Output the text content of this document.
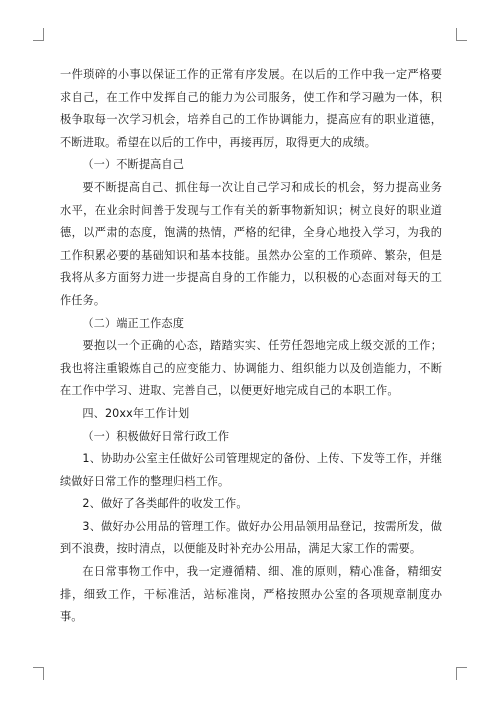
一件琐碎的小事以保证工作的正常有序发展。在以后的工作中我一定严格要求自己，在工作中发挥自己的能力为公司服务，使工作和学习融为一体，积极争取每一次学习机会，培养自己的工作协调能力，提高应有的职业道德，不断进取。希望在以后的工作中，再接再厉，取得更大的成绩。

（一）不断提高自己

要不断提高自己、抓住每一次让自己学习和成长的机会，努力提高业务水平，在业余时间善于发现与工作有关的新事物新知识；树立良好的职业道德，以严肃的态度，饱满的热情，严格的纪律，全身心地投入学习，为我的工作积累必要的基础知识和基本技能。虽然办公室的工作琐碎、繁杂，但是我将从多方面努力进一步提高自身的工作能力，以积极的心态面对每天的工作任务。

（二）端正工作态度

要抱以一个正确的心态，踏踏实实、任劳任怨地完成上级交派的工作；我也将注重锻炼自己的应变能力、协调能力、组织能力以及创造能力，不断在工作中学习、进取、完善自己，以便更好地完成自己的本职工作。

四、20xx年工作计划

（一）积极做好日常行政工作

1、协助办公室主任做好公司管理规定的备份、上传、下发等工作，并继续做好日常工作的整理归档工作。

2、做好了各类邮件的收发工作。

3、做好办公用品的管理工作。做好办公用品领用品登记，按需所发，做到不浪费，按时清点，以便能及时补充办公用品，满足大家工作的需要。

在日常事物工作中，我一定遵循精、细、准的原则，精心准备，精细安排，细致工作，干标准活，站标准岗，严格按照办公室的各项规章制度办事。
